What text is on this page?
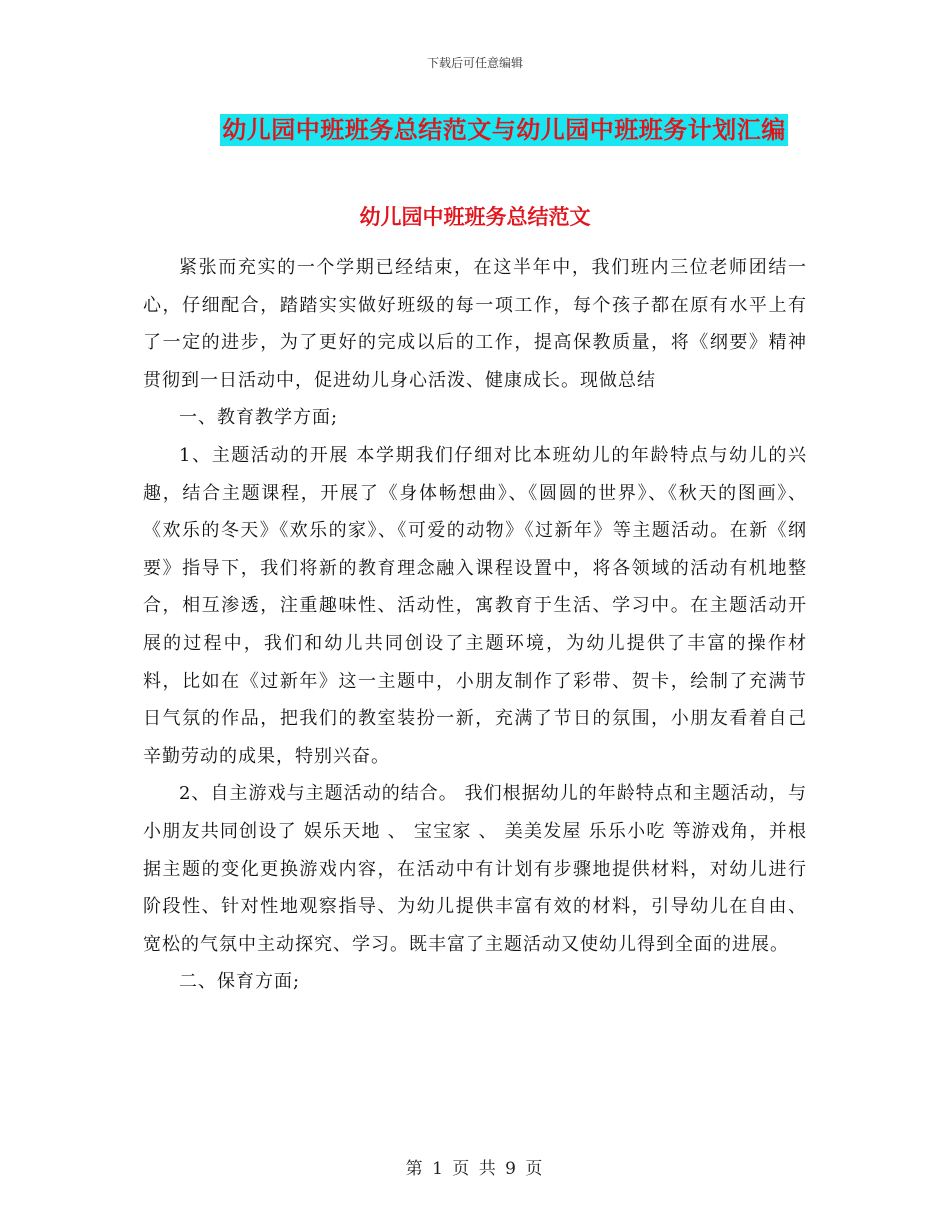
下载后可任意编辑
幼儿园中班班务总结范文与幼儿园中班班务计划汇编
幼儿园中班班务总结范文

紧张而充实的一个学期已经结束，在这半年中，我们班内三位老师团结一心，仔细配合，踏踏实实做好班级的每一项工作，每个孩子都在原有水平上有了一定的进步，为了更好的完成以后的工作，提高保教质量，将《纲要》精神贯彻到一日活动中，促进幼儿身心活泼、健康成长。现做总结

一、教育教学方面;

1、主题活动的开展 本学期我们仔细对比本班幼儿的年龄特点与幼儿的兴趣，结合主题课程，开展了《身体畅想曲》、《圆圆的世界》、《秋天的图画》、《欢乐的冬天》《欢乐的家》、《可爱的动物》《过新年》等主题活动。在新《纲要》指导下，我们将新的教育理念融入课程设置中，将各领域的活动有机地整合，相互渗透，注重趣味性、活动性，寓教育于生活、学习中。在主题活动开展的过程中，我们和幼儿共同创设了主题环境，为幼儿提供了丰富的操作材料，比如在《过新年》这一主题中，小朋友制作了彩带、贺卡，绘制了充满节日气氛的作品，把我们的教室装扮一新，充满了节日的氛围，小朋友看着自己辛勤劳动的成果，特别兴奋。

2、自主游戏与主题活动的结合。 我们根据幼儿的年龄特点和主题活动，与小朋友共同创设了 娱乐天地 、 宝宝家 、 美美发屋 乐乐小吃 等游戏角，并根据主题的变化更换游戏内容，在活动中有计划有步骤地提供材料，对幼儿进行阶段性、针对性地观察指导、为幼儿提供丰富有效的材料，引导幼儿在自由、宽松的气氛中主动探究、学习。既丰富了主题活动又使幼儿得到全面的进展。

二、保育方面;

第 1 页 共 9 页
